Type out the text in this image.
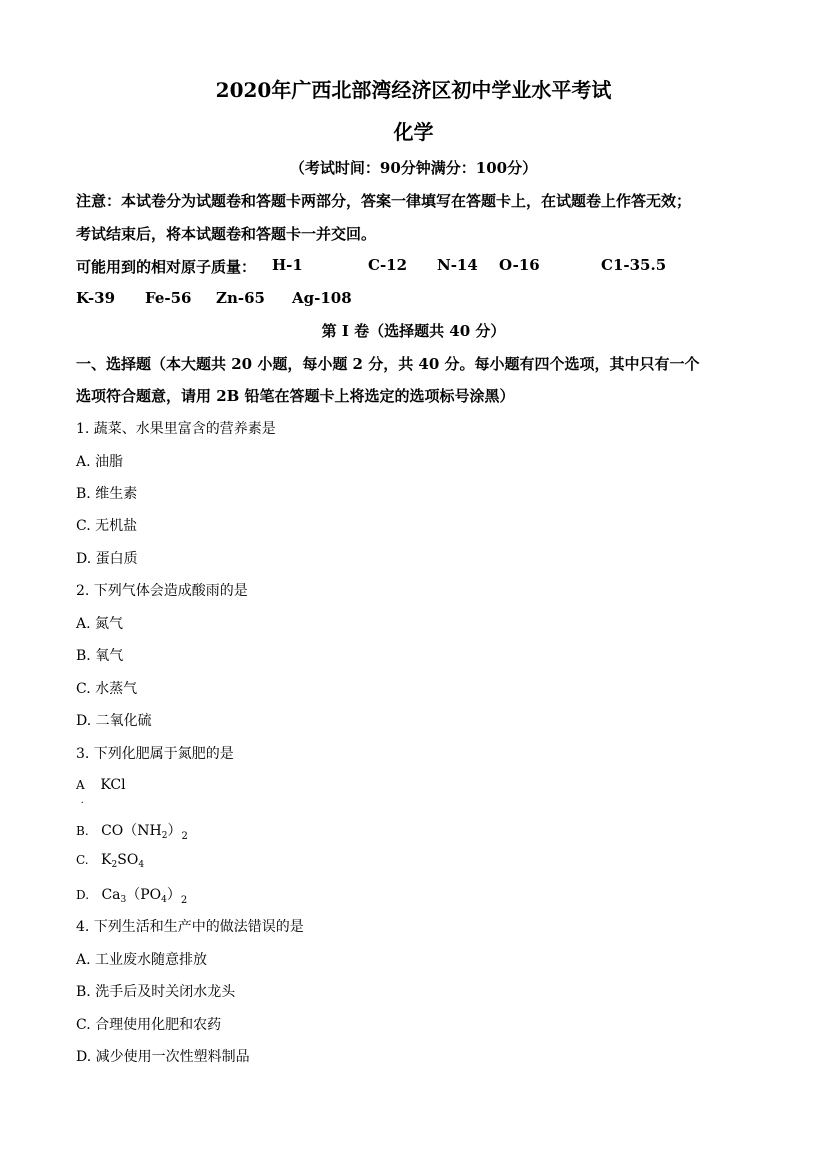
2020年广西北部湾经济区初中学业水平考试
化学
（考试时间：90分钟满分：100分）
注意：本试卷分为试题卷和答题卡两部分，答案一律填写在答题卡上，在试题卷上作答无效；
考试结束后，将本试题卷和答题卡一并交回。
可能用到的相对原子质量： H-1	C-12 N-14 O-16	C1-35.5
K-39 Fe-56 Zn-65 Ag-108
第 I 卷（选择题共 40 分）
一、选择题（本大题共 20 小题，每小题 2 分，共 40 分。每小题有四个选项，其中只有一个
选项符合题意，请用 2B 铅笔在答题卡上将选定的选项标号涂黑）
1. 蔬菜、水果里富含的营养素是
A. 油脂
B. 维生素
C. 无机盐
D. 蛋白质
2. 下列气体会造成酸雨的是
A. 氮气
B. 氧气
C. 水蒸气
D. 二氧化硫
3. 下列化肥属于氮肥的是
$A_.$ KCl
B. $CO(NH_2)_2$
C. $K_2SO_4$
D. $Ca_3(PO_4)_2$
4. 下列生活和生产中的做法错误的是
A. 工业废水随意排放
B. 洗手后及时关闭水龙头
C. 合理使用化肥和农药
D. 减少使用一次性塑料制品
